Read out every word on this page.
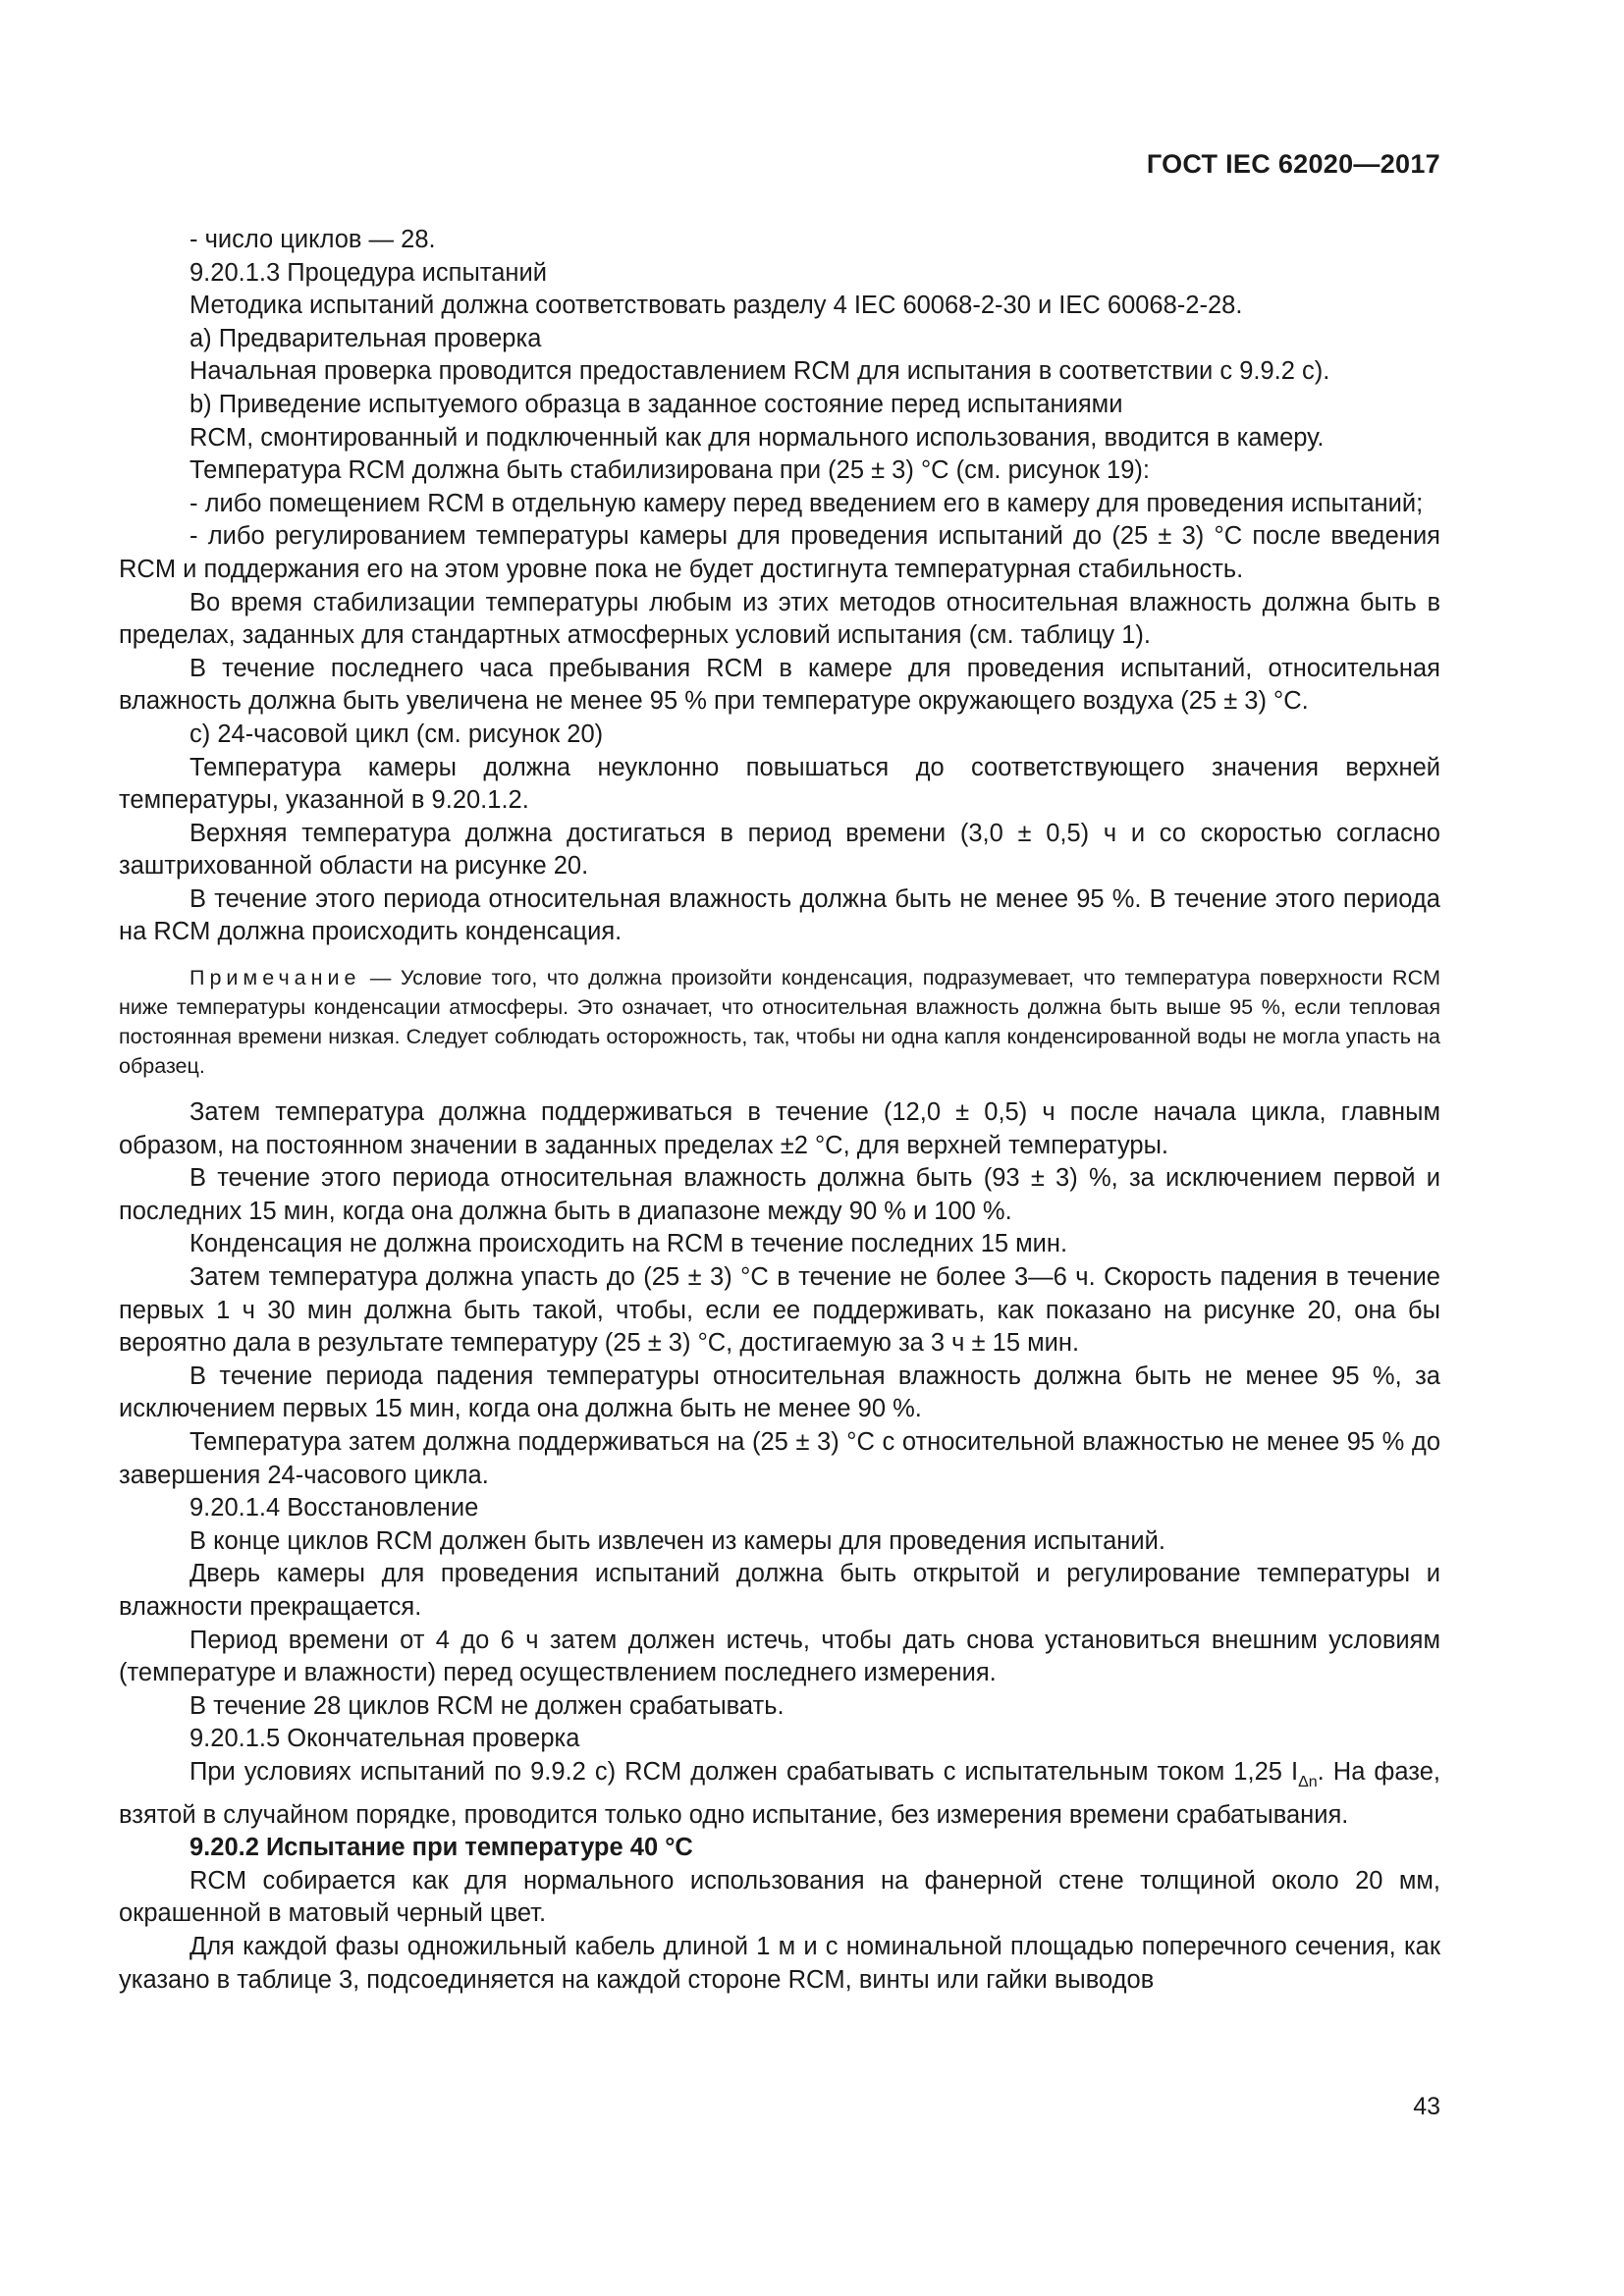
ГОСТ IEC 62020—2017

- число циклов — 28.

9.20.1.3 Процедура испытаний

Методика испытаний должна соответствовать разделу 4 IEC 60068-2-30 и IEC 60068-2-28.

а) Предварительная проверка

Начальная проверка проводится предоставлением RCM для испытания в соответствии с 9.9.2 с).

b) Приведение испытуемого образца в заданное состояние перед испытаниями

RCM, смонтированный и подключенный как для нормального использования, вводится в камеру.

Температура RCM должна быть стабилизирована при (25 ± 3) °С (см. рисунок 19):

- либо помещением RCM в отдельную камеру перед введением его в камеру для проведения испытаний;

- либо регулированием температуры камеры для проведения испытаний до (25 ± 3) °С после введения RCM и поддержания его на этом уровне пока не будет достигнута температурная стабильность.

Во время стабилизации температуры любым из этих методов относительная влажность должна быть в пределах, заданных для стандартных атмосферных условий испытания (см. таблицу 1).

В течение последнего часа пребывания RCM в камере для проведения испытаний, относительная влажность должна быть увеличена не менее 95 % при температуре окружающего воздуха (25 ± 3) °С.

с) 24-часовой цикл (см. рисунок 20)

Температура камеры должна неуклонно повышаться до соответствующего значения верхней температуры, указанной в 9.20.1.2.

Верхняя температура должна достигаться в период времени (3,0 ± 0,5) ч и со скоростью согласно заштрихованной области на рисунке 20.

В течение этого периода относительная влажность должна быть не менее 95 %. В течение этого периода на RCM должна происходить конденсация.

Примечание — Условие того, что должна произойти конденсация, подразумевает, что температура поверхности RCM ниже температуры конденсации атмосферы. Это означает, что относительная влажность должна быть выше 95 %, если тепловая постоянная времени низкая. Следует соблюдать осторожность, так, чтобы ни одна капля конденсированной воды не могла упасть на образец.

Затем температура должна поддерживаться в течение (12,0 ± 0,5) ч после начала цикла, главным образом, на постоянном значении в заданных пределах ±2 °С, для верхней температуры.

В течение этого периода относительная влажность должна быть (93 ± 3) %, за исключением первой и последних 15 мин, когда она должна быть в диапазоне между 90 % и 100 %.

Конденсация не должна происходить на RCM в течение последних 15 мин.

Затем температура должна упасть до (25 ± 3) °С в течение не более 3—6 ч. Скорость падения в течение первых 1 ч 30 мин должна быть такой, чтобы, если ее поддерживать, как показано на рисунке 20, она бы вероятно дала в результате температуру (25 ± 3) °С, достигаемую за 3 ч ± 15 мин.

В течение периода падения температуры относительная влажность должна быть не менее 95 %, за исключением первых 15 мин, когда она должна быть не менее 90 %.

Температура затем должна поддерживаться на (25 ± 3) °С с относительной влажностью не менее 95 % до завершения 24-часового цикла.

9.20.1.4 Восстановление

В конце циклов RCM должен быть извлечен из камеры для проведения испытаний.

Дверь камеры для проведения испытаний должна быть открытой и регулирование температуры и влажности прекращается.

Период времени от 4 до 6 ч затем должен истечь, чтобы дать снова установиться внешним условиям (температуре и влажности) перед осуществлением последнего измерения.

В течение 28 циклов RCM не должен срабатывать.

9.20.1.5 Окончательная проверка

При условиях испытаний по 9.9.2 с) RCM должен срабатывать с испытательным током 1,25 $I_{\Delta n}$. На фазе, взятой в случайном порядке, проводится только одно испытание, без измерения времени срабатывания.

9.20.2 Испытание при температуре 40 °С

RCM собирается как для нормального использования на фанерной стене толщиной около 20 мм, окрашенной в матовый черный цвет.

Для каждой фазы одножильный кабель длиной 1 м и с номинальной площадью поперечного сечения, как указано в таблице 3, подсоединяется на каждой стороне RCM, винты или гайки выводов

43
